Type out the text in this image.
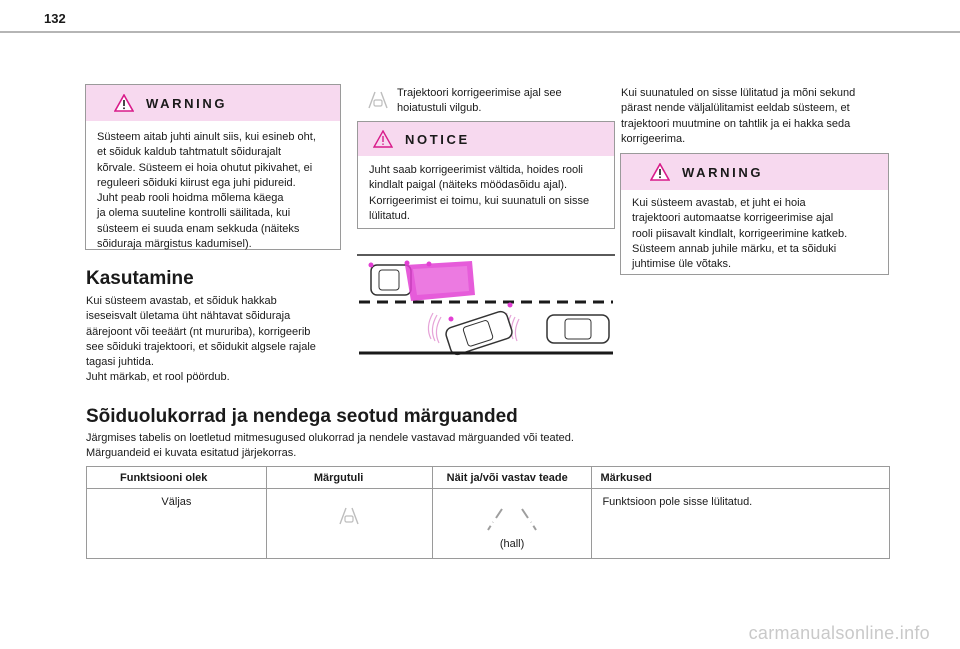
132
WARNING
Süsteem aitab juhti ainult siis, kui esineb oht,
et sõiduk kaldub tahtmatult sõidurajalt
kõrvale. Süsteem ei hoia ohutut pikivahet, ei
reguleeri sõiduki kiirust ega juhi pidureid.
Juht peab rooli hoidma mõlema käega
ja olema suuteline kontrolli säilitada, kui
süsteem ei suuda enam sekkuda (näiteks
sõiduraja märgistus kadumisel).
Kasutamine
Kui süsteem avastab, et sõiduk hakkab
iseseisvalt ületama üht nähtavat sõiduraja
äärejoont või teeäärt (nt mururiba), korrigeerib
see sõiduki trajektoori, et sõidukit algsele rajale
tagasi juhtida.
Juht märkab, et rool pöördub.
Trajektoori korrigeerimise ajal see
hoiatustuli vilgub.
NOTICE
Juht saab korrigeerimist vältida, hoides rooli
kindlalt paigal (näiteks möödasõidu ajal).
Korrigeerimist ei toimu, kui suunatuli on sisse
lülitatud.
Kui suunatuled on sisse lülitatud ja mõni sekund
pärast nende väljalülitamist eeldab süsteem, et
trajektoori muutmine on tahtlik ja ei hakka seda
korrigeerima.
WARNING
Kui süsteem avastab, et juht ei hoia
trajektoori automaatse korrigeerimise ajal
rooli piisavalt kindlalt, korrigeerimine katkeb.
Süsteem annab juhile märku, et ta sõiduki
juhtimise üle võtaks.
Sõiduolukorrad ja nendega seotud märguanded
Järgmises tabelis on loetletud mitmesugused olukorrad ja nendele vastavad märguanded või teated.
Märguandeid ei kuvata esitatud järjekorras.
Funktsiooni olek	Märgutuli	Näit ja/või vastav teade	Märkused
Väljas		(hall)	Funktsioon pole sisse lülitatud.
carmanualsonline.info
